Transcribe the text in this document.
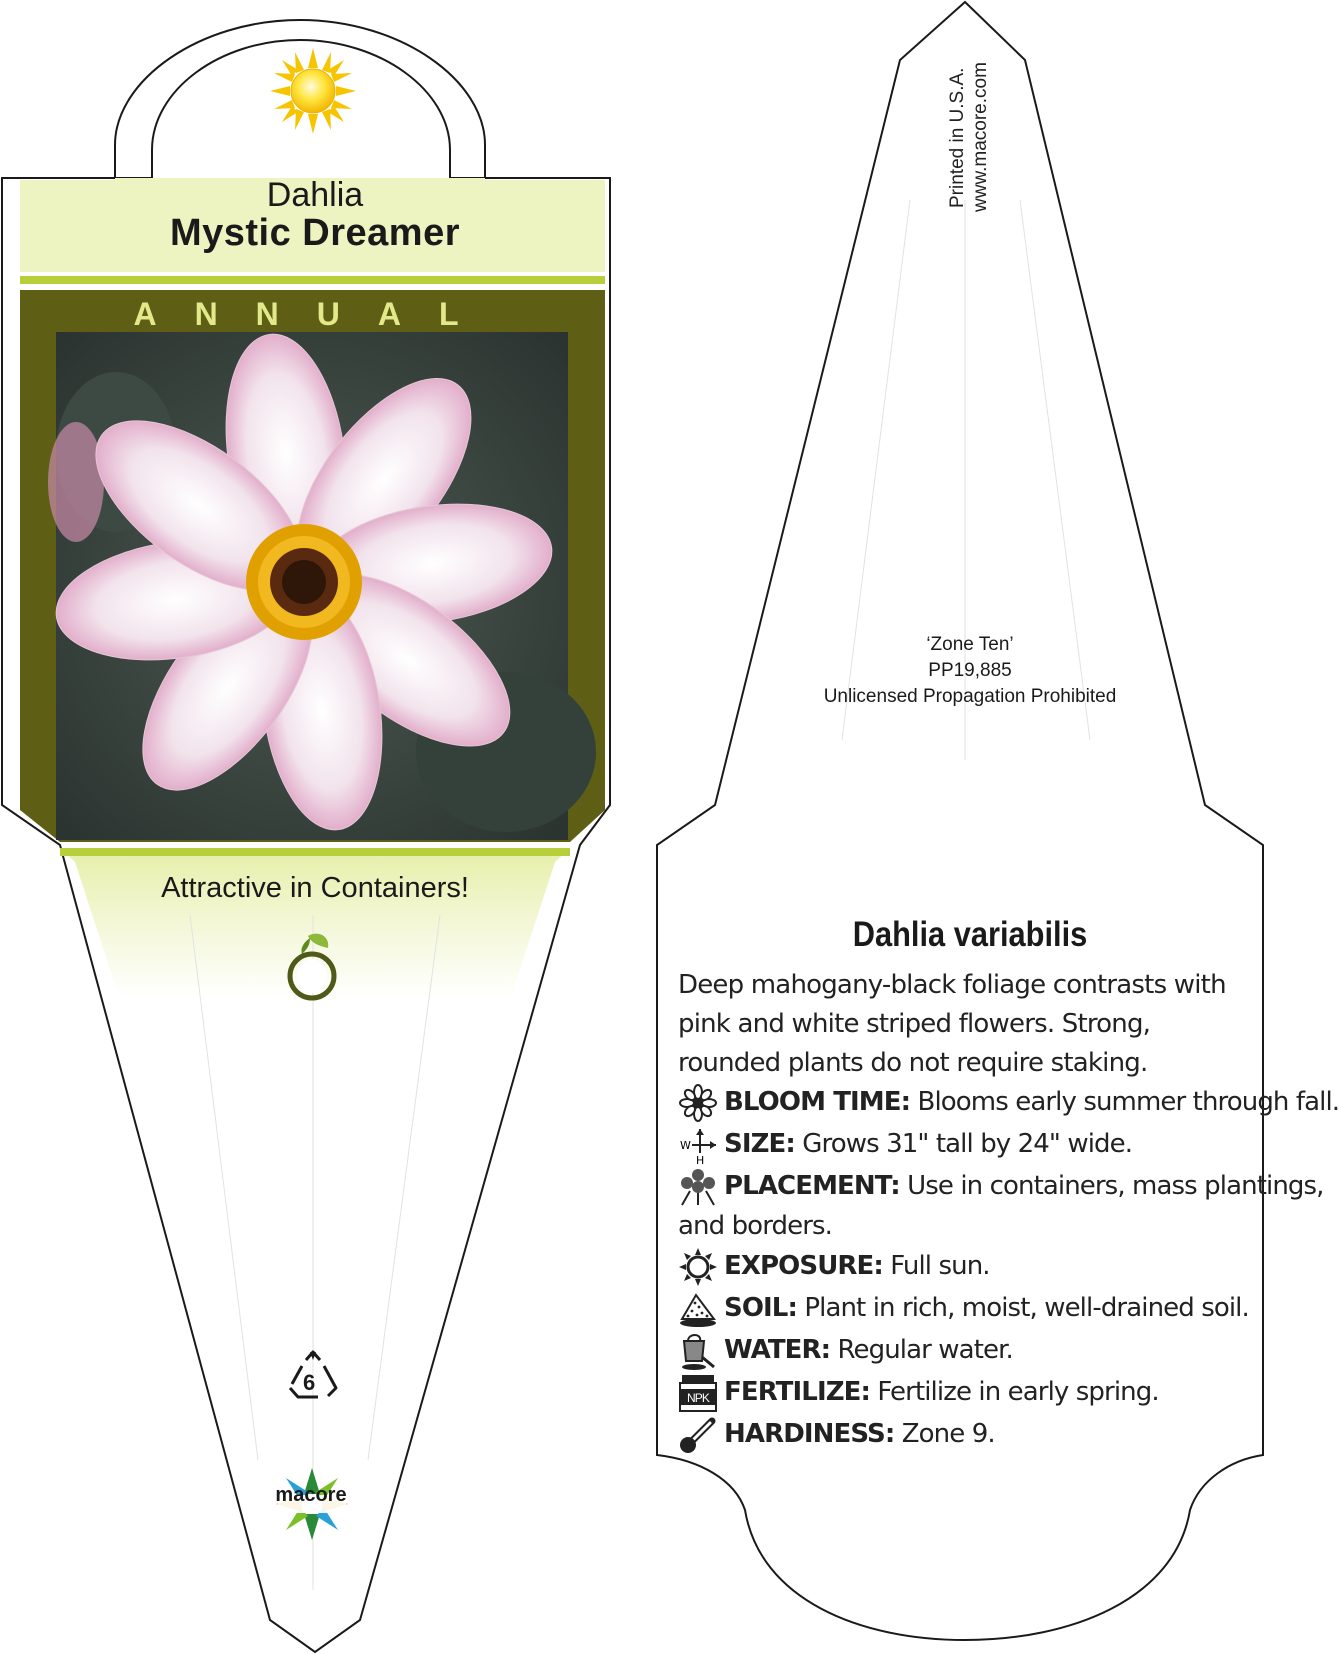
Dahlia
Mystic Dreamer
ANNUAL
Attractive in Containers!
6
macore
Printed in U.S.A. www.macore.com
‘Zone Ten’
PP19,885
Unlicensed Propagation Prohibited
Dahlia variabilis
Deep mahogany-black foliage contrasts with pink and white striped flowers. Strong, rounded plants do not require staking.
BLOOM TIME: Blooms early summer through fall.
W
H
SIZE: Grows 31" tall by 24" wide.
PLACEMENT: Use in containers, mass plantings,
and borders.
EXPOSURE: Full sun.
SOIL: Plant in rich, moist, well-drained soil.
WATER: Regular water.
NPK FERTILIZE: Fertilize in early spring.
HARDINESS: Zone 9.
